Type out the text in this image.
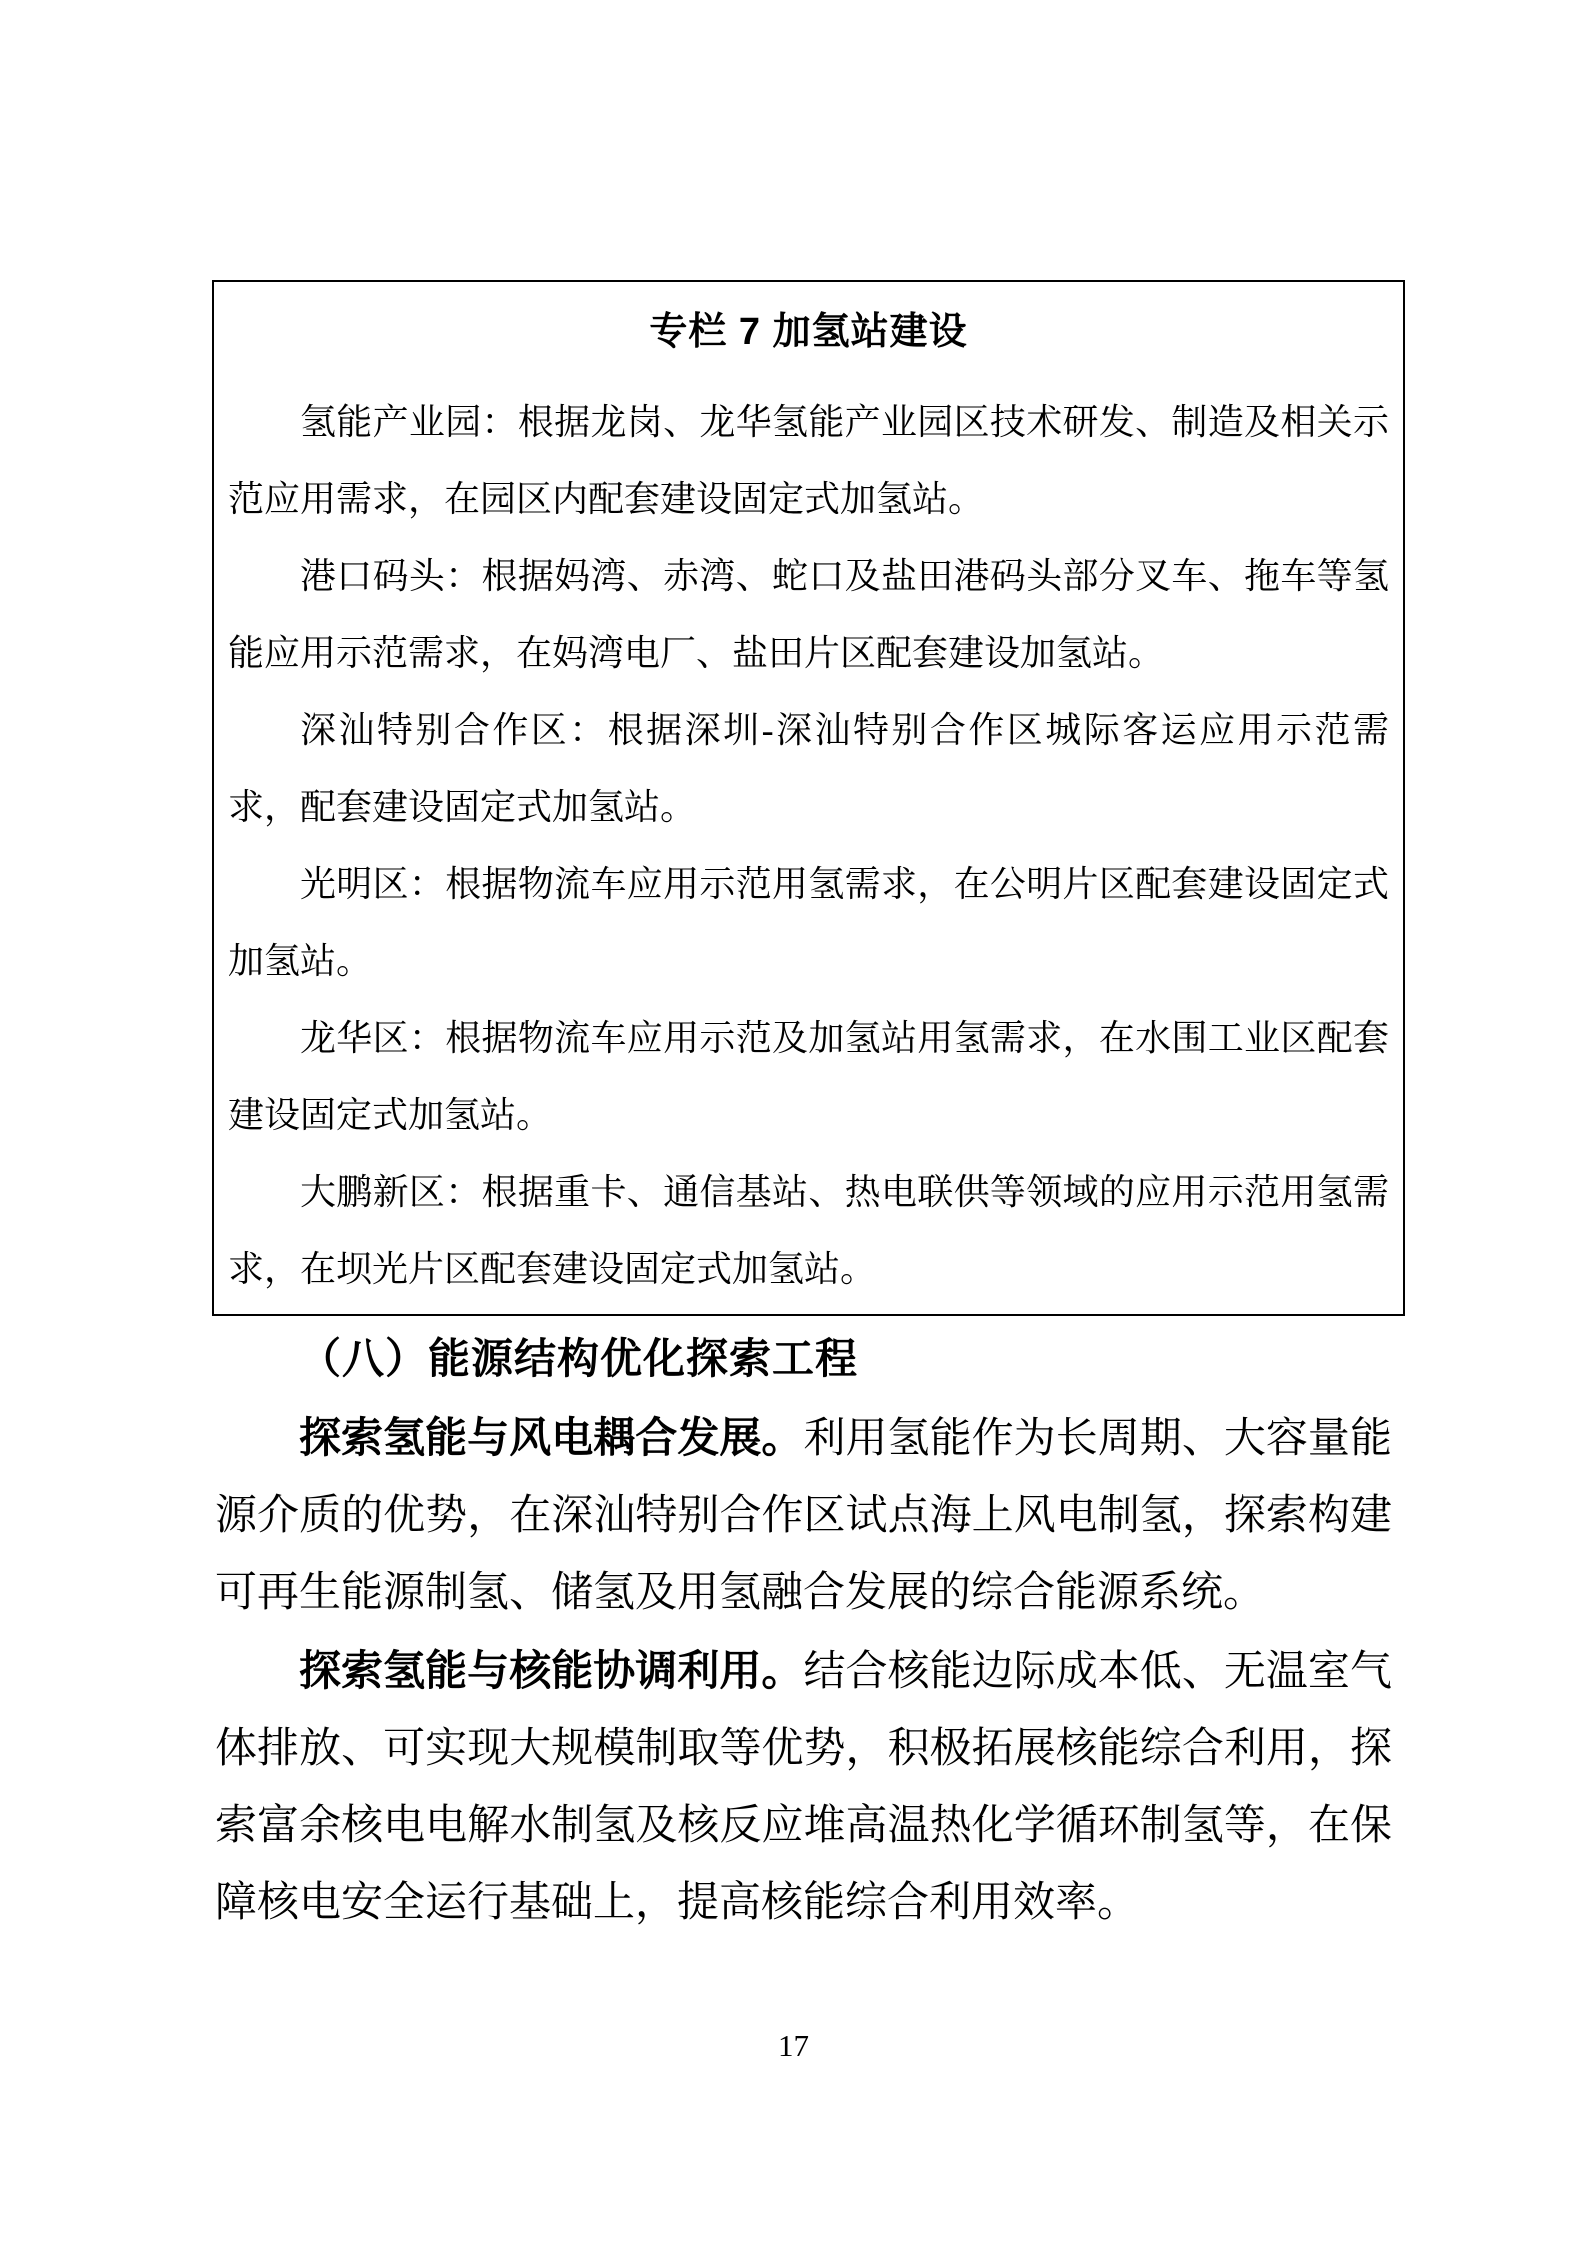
专栏 7 加氢站建设

氢能产业园：根据龙岗、龙华氢能产业园区技术研发、制造及相关示范应用需求，在园区内配套建设固定式加氢站。

港口码头：根据妈湾、赤湾、蛇口及盐田港码头部分叉车、拖车等氢能应用示范需求，在妈湾电厂、盐田片区配套建设加氢站。

深汕特别合作区：根据深圳-深汕特别合作区城际客运应用示范需求，配套建设固定式加氢站。

光明区：根据物流车应用示范用氢需求，在公明片区配套建设固定式加氢站。

龙华区：根据物流车应用示范及加氢站用氢需求，在水围工业区配套建设固定式加氢站。

大鹏新区：根据重卡、通信基站、热电联供等领域的应用示范用氢需求，在坝光片区配套建设固定式加氢站。

（八）能源结构优化探索工程

探索氢能与风电耦合发展。利用氢能作为长周期、大容量能源介质的优势，在深汕特别合作区试点海上风电制氢，探索构建可再生能源制氢、储氢及用氢融合发展的综合能源系统。

探索氢能与核能协调利用。结合核能边际成本低、无温室气体排放、可实现大规模制取等优势，积极拓展核能综合利用，探索富余核电电解水制氢及核反应堆高温热化学循环制氢等，在保障核电安全运行基础上，提高核能综合利用效率。

17
